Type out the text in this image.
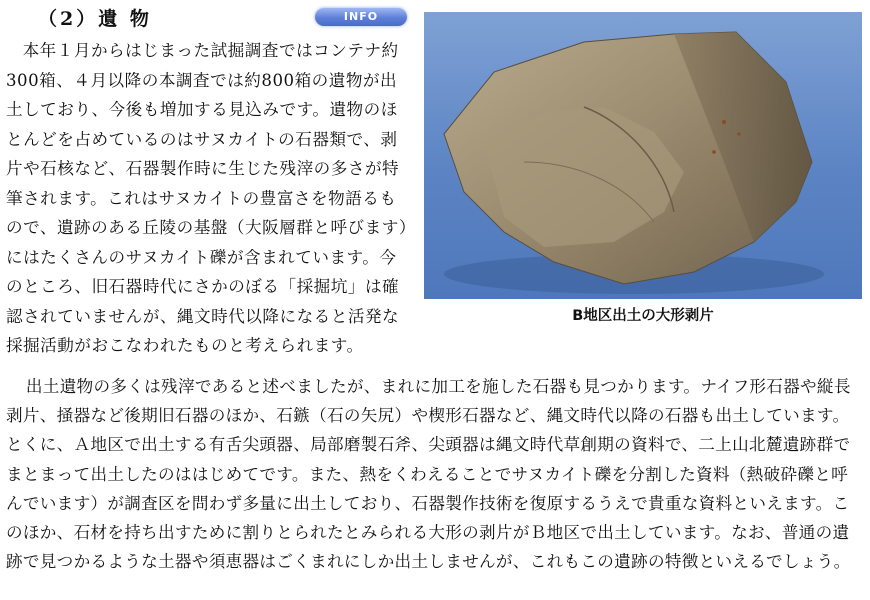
（2）遺 物	INFO

本年１月からはじまった試掘調査ではコンテナ約300箱、４月以降の本調査では約800箱の遺物が出土しており、今後も増加する見込みです。遺物のほとんどを占めているのはサヌカイトの石器類で、剥片や石核など、石器製作時に生じた残滓の多さが特筆されます。これはサヌカイトの豊富さを物語るもので、遺跡のある丘陵の基盤（大阪層群と呼びます）にはたくさんのサヌカイト礫が含まれています。今のところ、旧石器時代にさかのぼる「採掘坑」は確認されていませんが、縄文時代以降になると活発な採掘活動がおこなわれたものと考えられます。

B地区出土の大形剥片

出土遺物の多くは残滓であると述べましたが、まれに加工を施した石器も見つかります。ナイフ形石器や縦長剥片、掻器など後期旧石器のほか、石鏃（石の矢尻）や楔形石器など、縄文時代以降の石器も出土しています。とくに、Ａ地区で出土する有舌尖頭器、局部磨製石斧、尖頭器は縄文時代草創期の資料で、二上山北麓遺跡群でまとまって出土したのははじめてです。また、熱をくわえることでサヌカイト礫を分割した資料（熱破砕礫と呼んでいます）が調査区を問わず多量に出土しており、石器製作技術を復原するうえで貴重な資料といえます。このほか、石材を持ち出すために割りとられたとみられる大形の剥片がＢ地区で出土しています。なお、普通の遺跡で見つかるような土器や須恵器はごくまれにしか出土しませんが、これもこの遺跡の特徴といえるでしょう。
